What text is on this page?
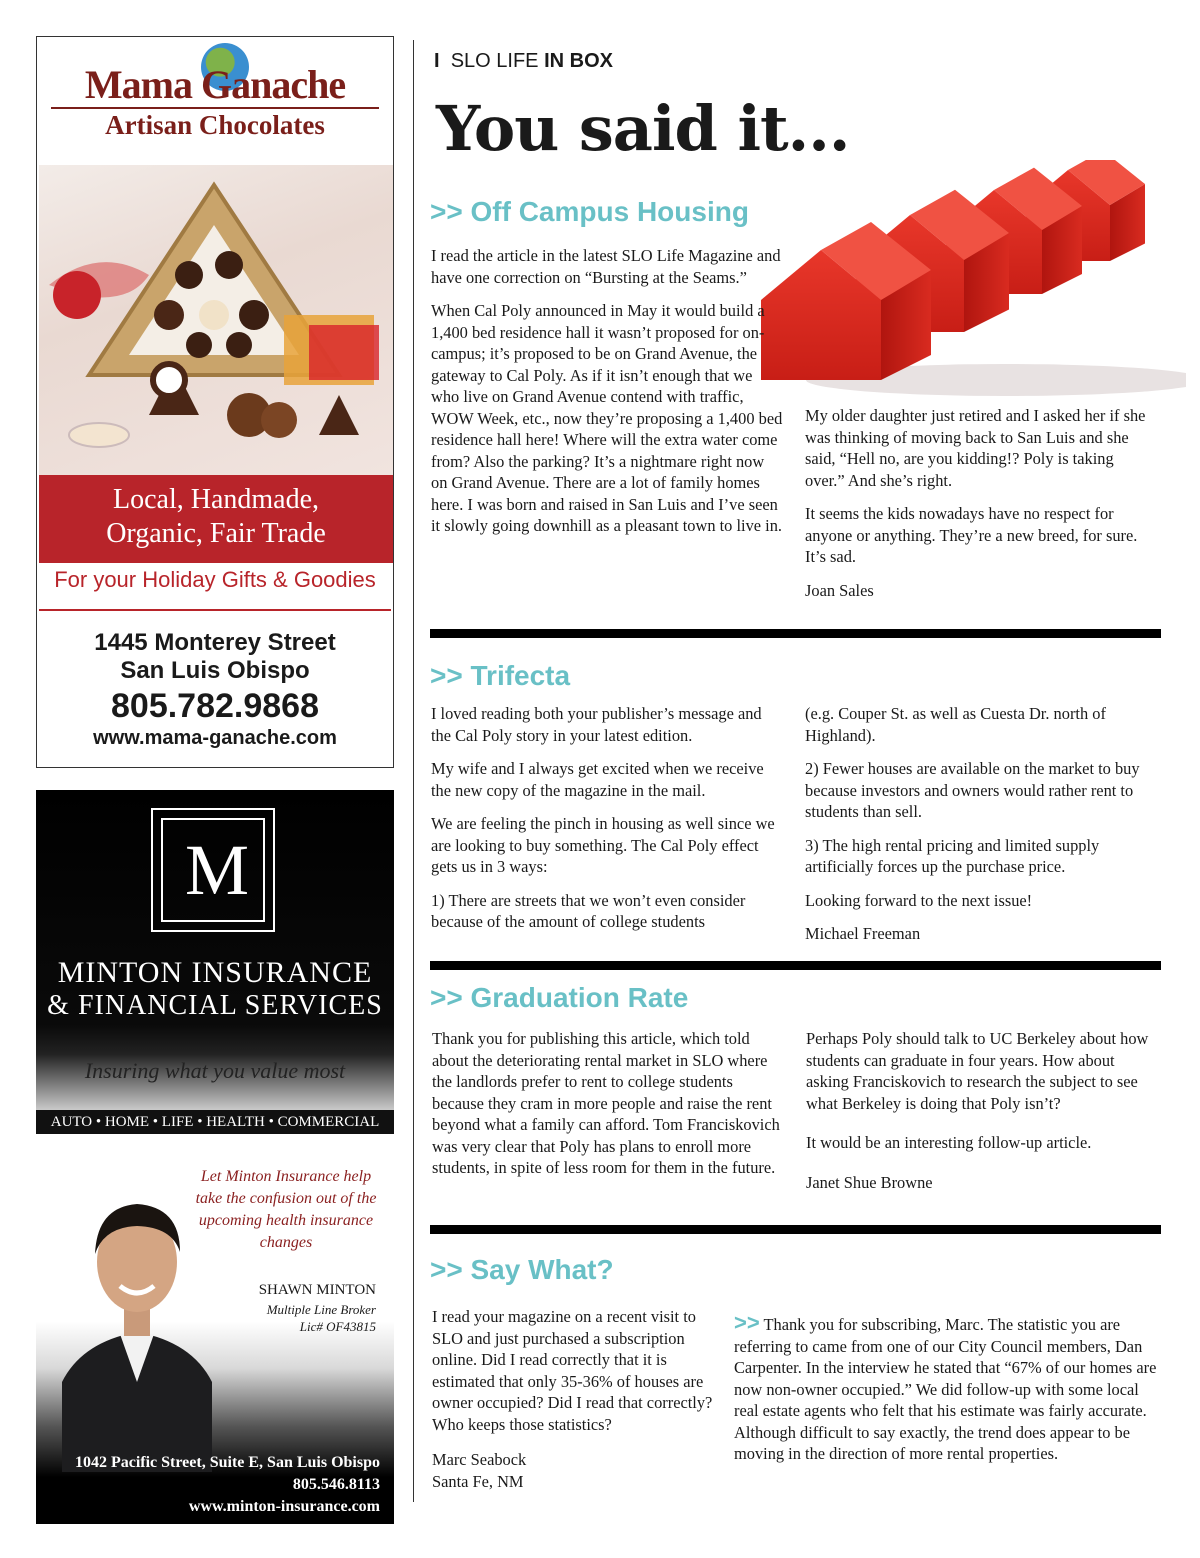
Mama Ganache
Artisan Chocolates
Local, Handmade,
Organic, Fair Trade
For your Holiday Gifts & Goodies
1445 Monterey Street
San Luis Obispo
805.782.9868
www.mama-ganache.com
M
MINTON INSURANCE
& FINANCIAL SERVICES
Insuring what you value most
AUTO • HOME • LIFE • HEALTH • COMMERCIAL
Let Minton Insurance help take the confusion out of the upcoming health insurance changes
SHAWN MINTON
Multiple Line Broker
Lic# OF43815
1042 Pacific Street, Suite E, San Luis Obispo
805.546.8113
www.minton-insurance.com
I SLO LIFE IN BOX
You said it...
>> Off Campus Housing

I read the article in the latest SLO Life Magazine and have one correction on “Bursting at the Seams.”

When Cal Poly announced in May it would build a 1,400 bed residence hall it wasn’t proposed for on-campus; it’s proposed to be on Grand Avenue, the gateway to Cal Poly. As if it isn’t enough that we who live on Grand Avenue contend with traffic, WOW Week, etc., now they’re proposing a 1,400 bed residence hall here! Where will the extra water come from? Also the parking? It’s a nightmare right now on Grand Avenue. There are a lot of family homes here. I was born and raised in San Luis and I’ve seen it slowly going downhill as a pleasant town to live in.

My older daughter just retired and I asked her if she was thinking of moving back to San Luis and she said, “Hell no, are you kidding!? Poly is taking over.” And she’s right.

It seems the kids nowadays have no respect for anyone or anything. They’re a new breed, for sure. It’s sad.

Joan Sales

>> Trifecta

I loved reading both your publisher’s message and the Cal Poly story in your latest edition.

My wife and I always get excited when we receive the new copy of the magazine in the mail.

We are feeling the pinch in housing as well since we are looking to buy something. The Cal Poly effect gets us in 3 ways:

1) There are streets that we won’t even consider because of the amount of college students

(e.g. Couper St. as well as Cuesta Dr. north of Highland).

2) Fewer houses are available on the market to buy because investors and owners would rather rent to students than sell.

3) The high rental pricing and limited supply artificially forces up the purchase price.

Looking forward to the next issue!

Michael Freeman

>> Graduation Rate

Thank you for publishing this article, which told about the deteriorating rental market in SLO where the landlords prefer to rent to college students because they cram in more people and raise the rent beyond what a family can afford. Tom Franciskovich was very clear that Poly has plans to enroll more students, in spite of less room for them in the future.

Perhaps Poly should talk to UC Berkeley about how students can graduate in four years. How about asking Franciskovich to research the subject to see what Berkeley is doing that Poly isn’t?

It would be an interesting follow-up article.

Janet Shue Browne

>> Say What?

I read your magazine on a recent visit to SLO and just purchased a subscription online. Did I read correctly that it is estimated that only 35-36% of houses are owner occupied? Did I read that correctly? Who keeps those statistics?

Marc Seabock
Santa Fe, NM
>> Thank you for subscribing, Marc. The statistic you are referring to came from one of our City Council members, Dan Carpenter. In the interview he stated that “67% of our homes are now non-owner occupied.” We did follow-up with some local real estate agents who felt that his estimate was fairly accurate. Although difficult to say exactly, the trend does appear to be moving in the direction of more rental properties.
